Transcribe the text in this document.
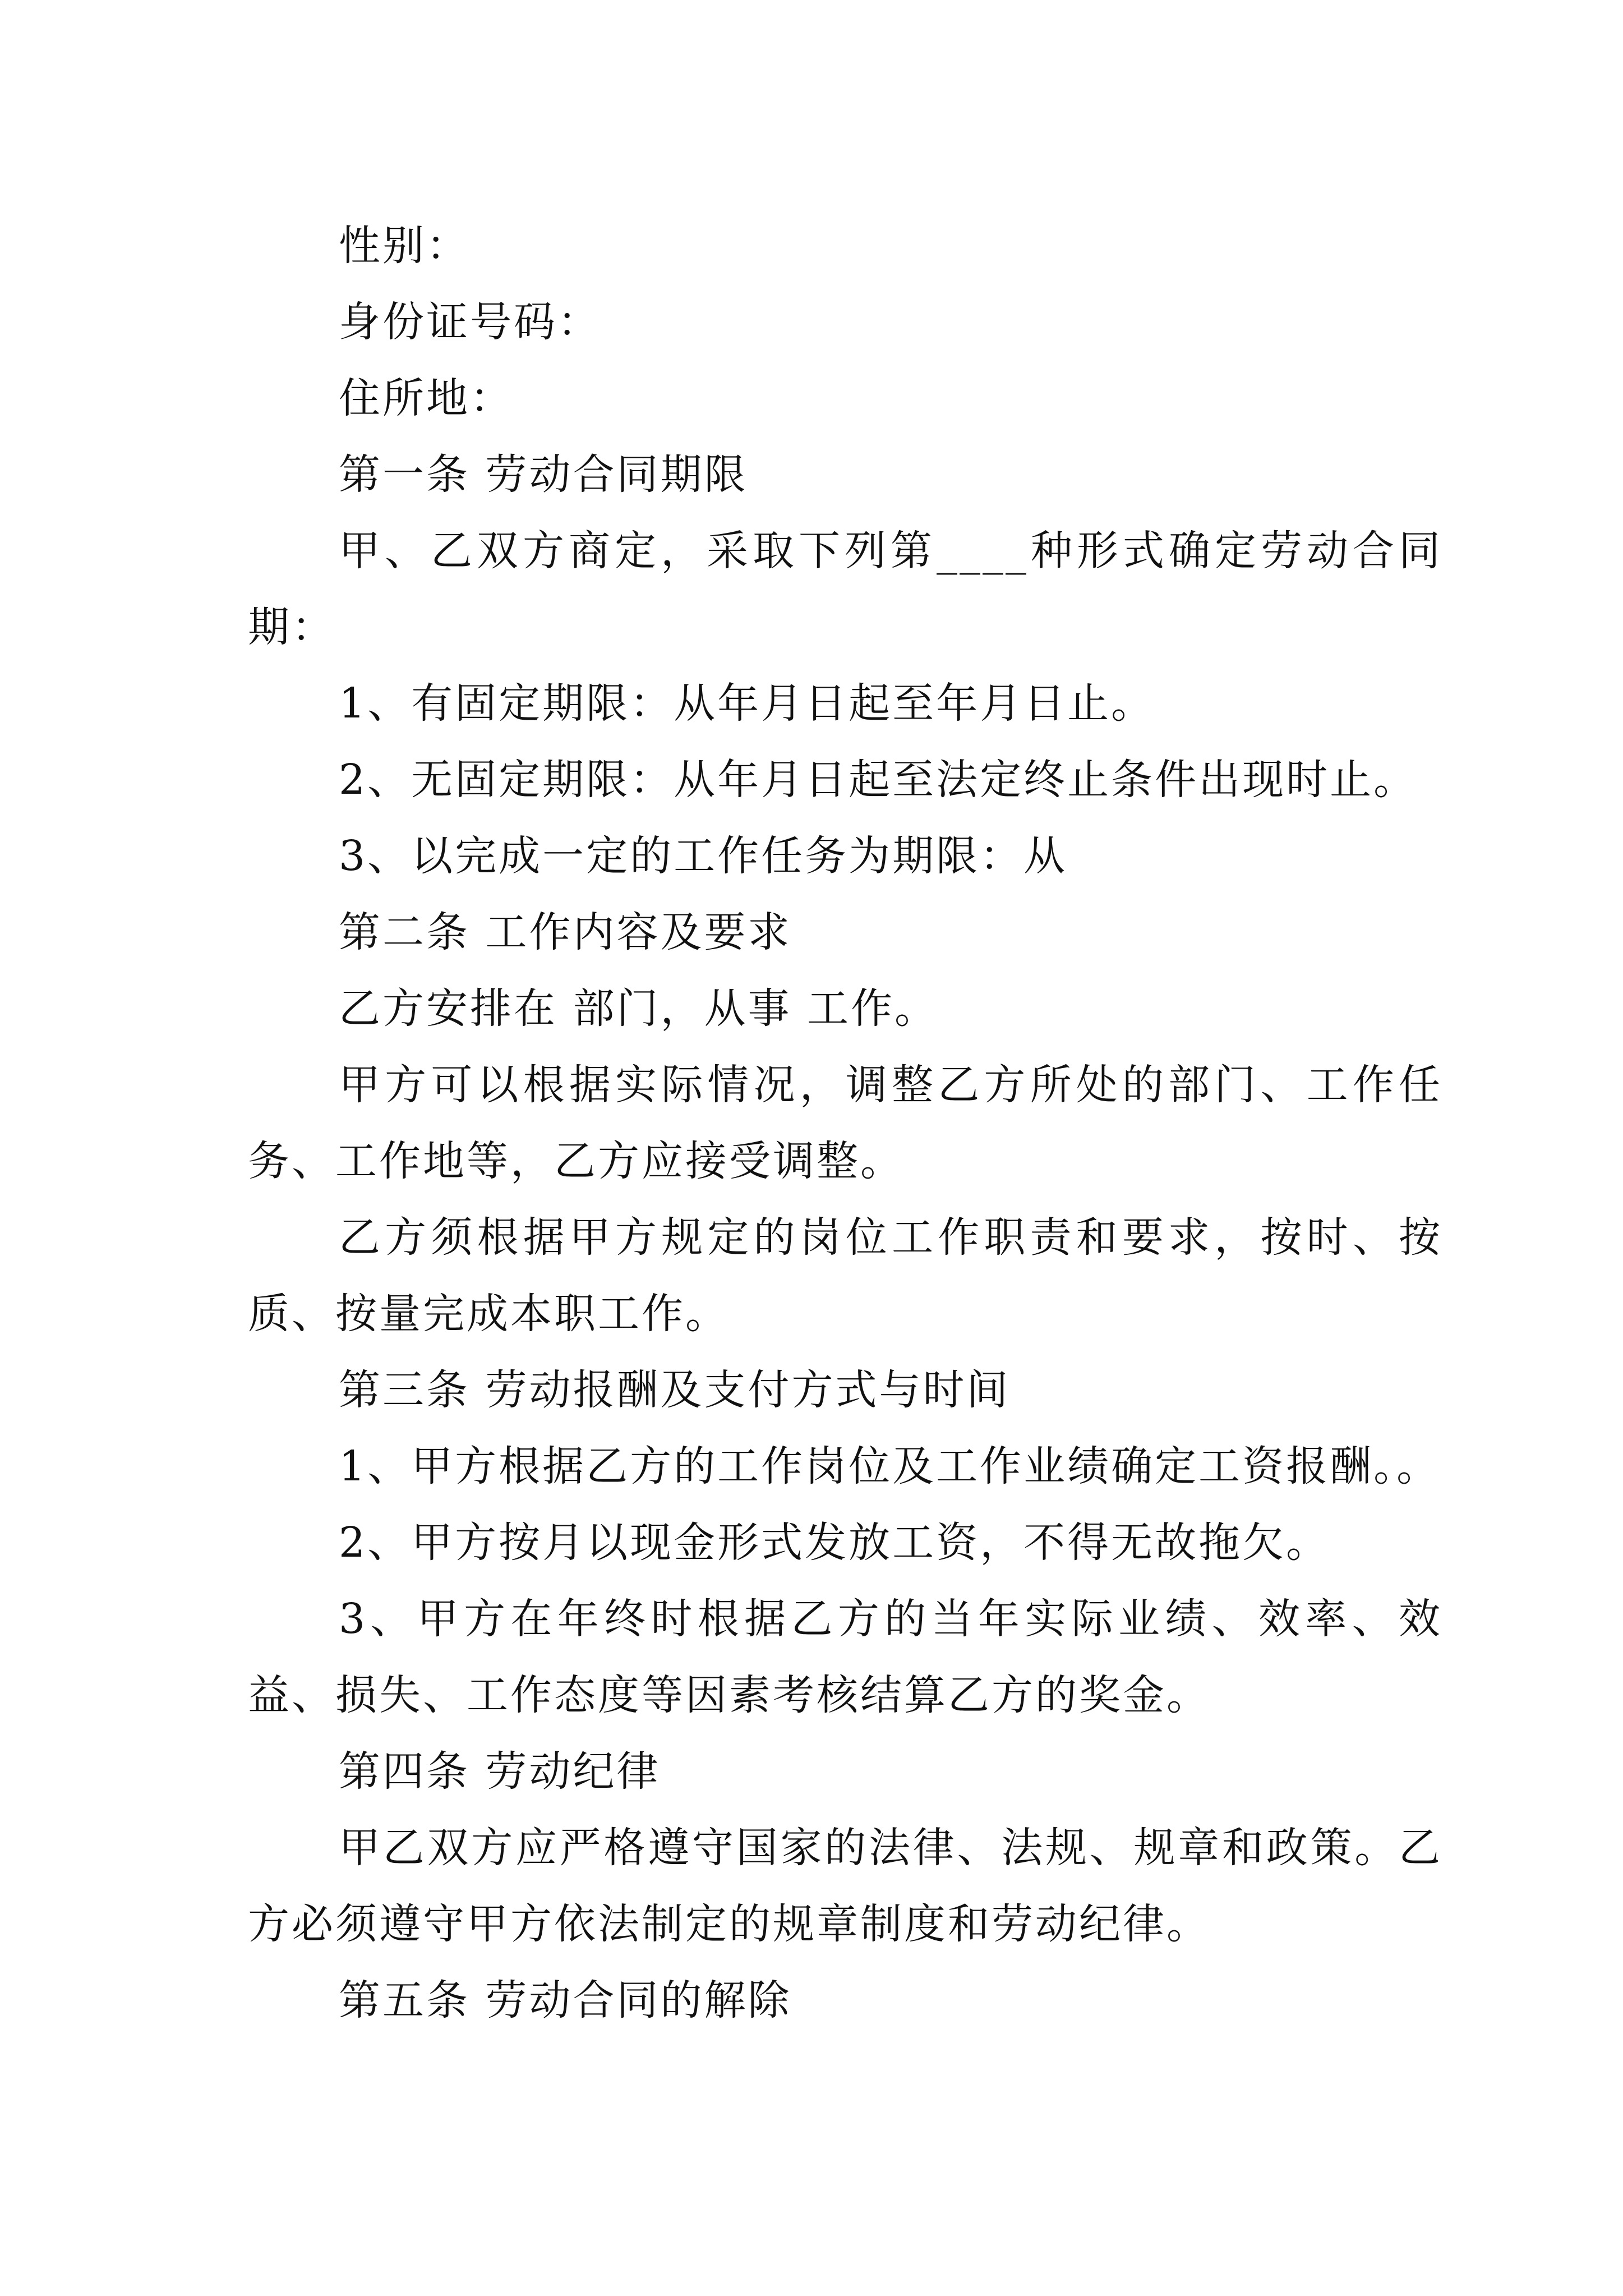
性别：

身份证号码：

住所地：

第一条 劳动合同期限

甲、乙双方商定，采取下列第____种形式确定劳动合同期：

1、有固定期限：从年月日起至年月日止。

2、无固定期限：从年月日起至法定终止条件出现时止。

3、以完成一定的工作任务为期限：从

第二条 工作内容及要求

乙方安排在 部门，从事 工作。

甲方可以根据实际情况，调整乙方所处的部门、工作任务、工作地等，乙方应接受调整。

乙方须根据甲方规定的岗位工作职责和要求，按时、按质、按量完成本职工作。

第三条 劳动报酬及支付方式与时间

1、甲方根据乙方的工作岗位及工作业绩确定工资报酬。。

2、甲方按月以现金形式发放工资，不得无故拖欠。

3、甲方在年终时根据乙方的当年实际业绩、效率、效益、损失、工作态度等因素考核结算乙方的奖金。

第四条 劳动纪律

甲乙双方应严格遵守国家的法律、法规、规章和政策。乙方必须遵守甲方依法制定的规章制度和劳动纪律。

第五条 劳动合同的解除
